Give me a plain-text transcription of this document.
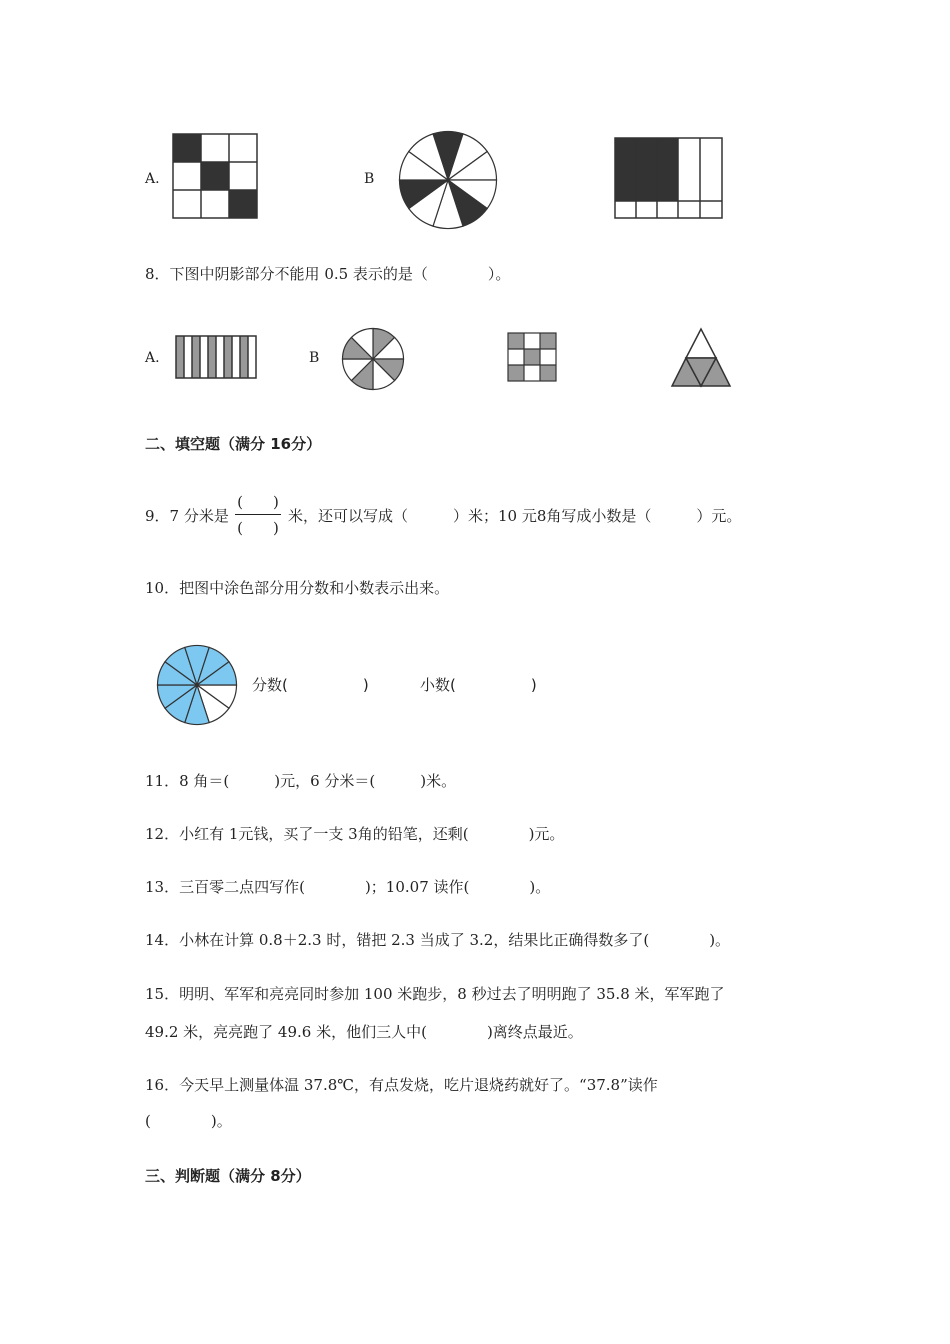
A.	B
8．下图中阴影部分不能用 0.5 表示的是（　　　　）。
A.	B
二、填空题（满分 16分）
9．7 分米是
(　　)
(　　)
米，还可以写成（　　　）米；10 元8角写成小数是（　　　）元。
10．把图中涂色部分用分数和小数表示出来。
分数(　　　　　)	小数(　　　　　)
11．8 角＝(　　　)元，6 分米＝(　　　)米。
12．小红有 1元钱，买了一支 3角的铅笔，还剩(　　　　)元。
13．三百零二点四写作(　　　　)；10.07 读作(　　　　)。
14．小林在计算 0.8＋2.3 时，错把 2.3 当成了 3.2，结果比正确得数多了(　　　　)。
15．明明、军军和亮亮同时参加 100 米跑步，8 秒过去了明明跑了 35.8 米，军军跑了
49.2 米，亮亮跑了 49.6 米，他们三人中(　　　　)离终点最近。
16．今天早上测量体温 37.8℃，有点发烧，吃片退烧药就好了。“37.8”读作
(　　　　)。
三、判断题（满分 8分）
